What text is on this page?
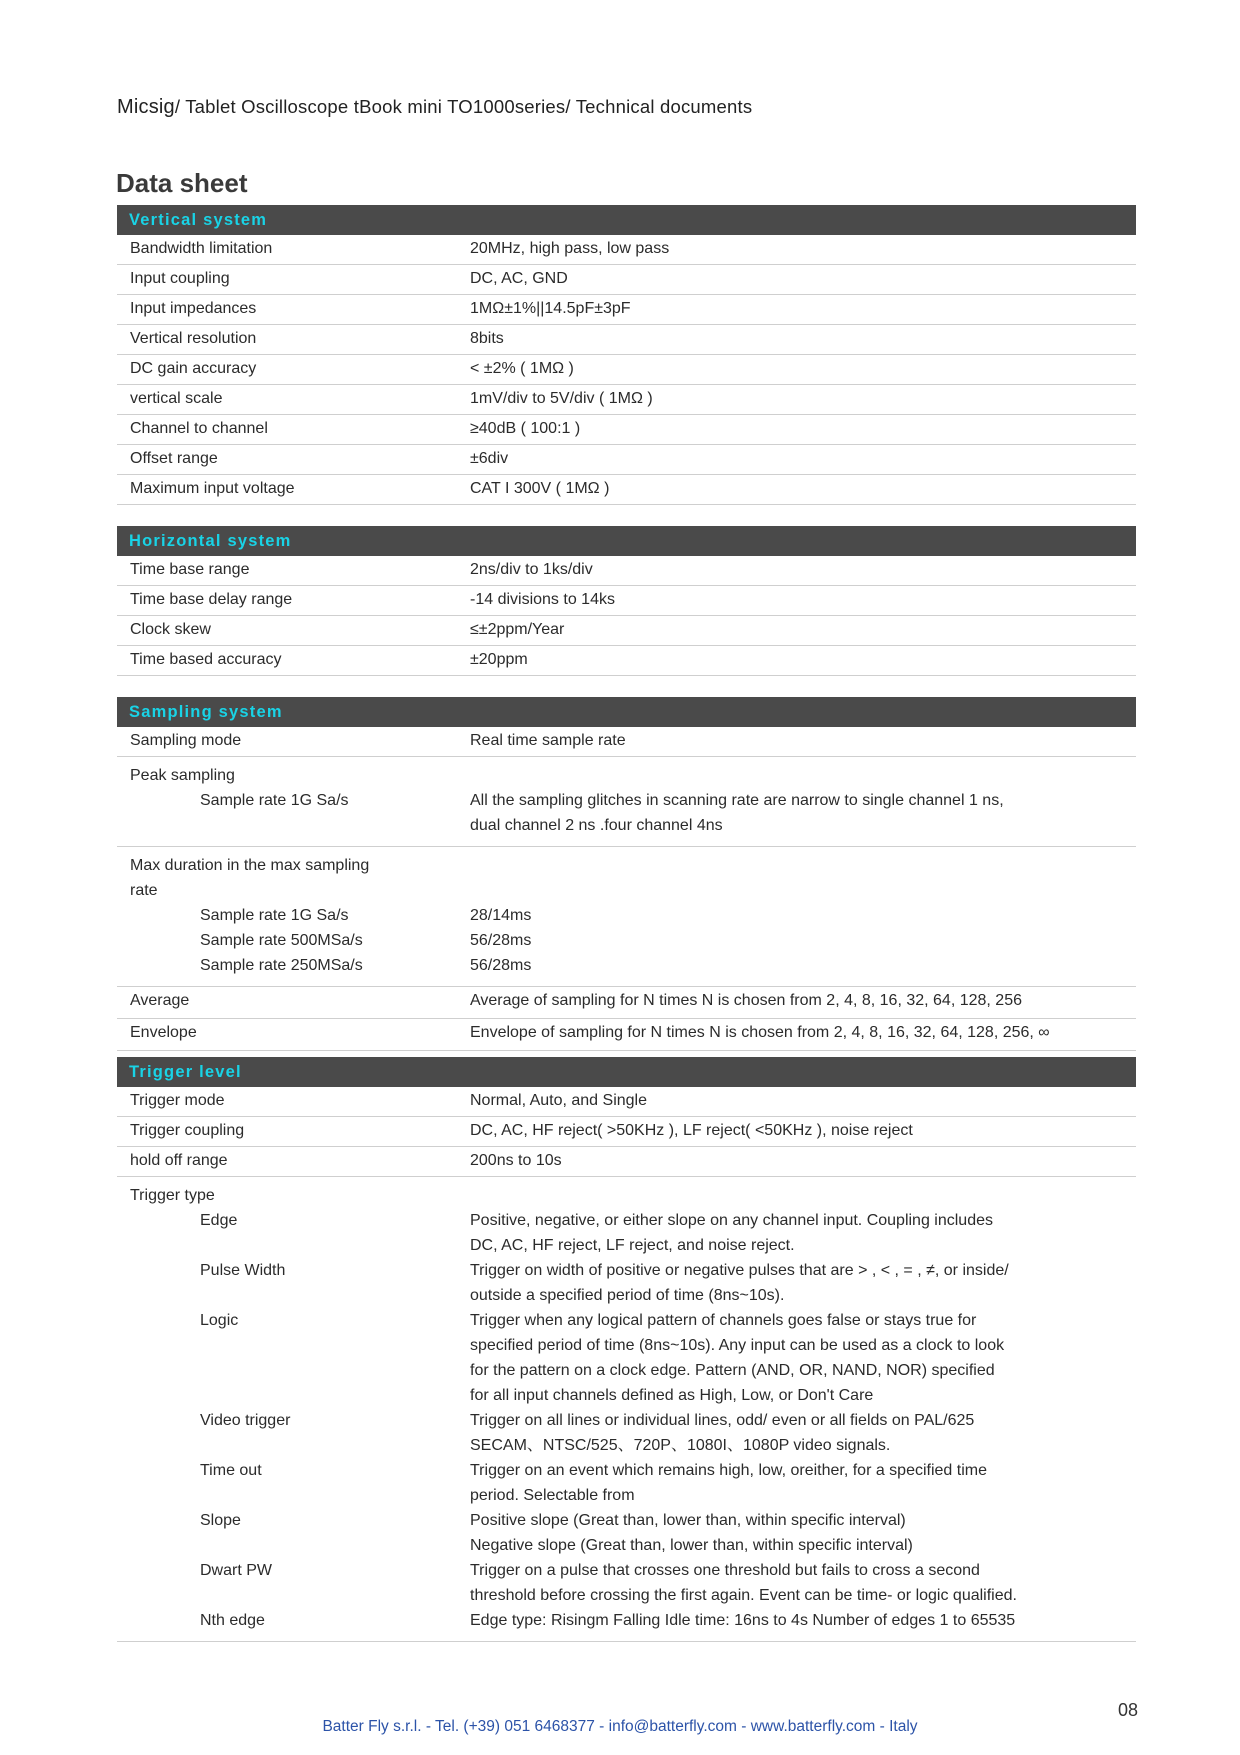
Micsig/ Tablet Oscilloscope tBook mini TO1000series/ Technical documents
Data sheet
Vertical system
Bandwidth limitation	20MHz, high pass, low pass
Input coupling	DC, AC, GND
Input impedances	1MΩ±1%||14.5pF±3pF
Vertical resolution	8bits
DC gain accuracy	< ±2% ( 1MΩ )
vertical scale	1mV/div to 5V/div ( 1MΩ )
Channel to channel	≥40dB ( 100:1 )
Offset range	±6div
Maximum input voltage	CAT I 300V ( 1MΩ )
Horizontal system
Time base range	2ns/div to 1ks/div
Time base delay range	-14 divisions to 14ks
Clock skew	≤±2ppm/Year
Time based accuracy	±20ppm
Sampling system
Sampling mode	Real time sample rate
Peak sampling
Sample rate 1G Sa/s	All the sampling glitches in scanning rate are narrow to single channel 1 ns,
dual channel 2 ns .four channel 4ns
Max duration in the max sampling
rate
Sample rate 1G Sa/s	28/14ms
Sample rate 500MSa/s	56/28ms
Sample rate 250MSa/s	56/28ms
Average	Average of sampling for N times N is chosen from 2, 4, 8, 16, 32, 64, 128, 256
Envelope	Envelope of sampling for N times N is chosen from 2, 4, 8, 16, 32, 64, 128, 256, ∞
Trigger level
Trigger mode	Normal, Auto, and Single
Trigger coupling	DC, AC, HF reject( >50KHz ), LF reject( <50KHz ), noise reject
hold off range	200ns to 10s
Trigger type
Edge	Positive, negative, or either slope on any channel input. Coupling includes
DC, AC, HF reject, LF reject, and noise reject.
Pulse Width	Trigger on width of positive or negative pulses that are > , < , = , ≠, or inside/
outside a specified period of time (8ns~10s).
Logic	Trigger when any logical pattern of channels goes false or stays true for
specified period of time (8ns~10s). Any input can be used as a clock to look
for the pattern on a clock edge. Pattern (AND, OR, NAND, NOR) specified
for all input channels defined as High, Low, or Don't Care
Video trigger	Trigger on all lines or individual lines, odd/ even or all fields on PAL/625
SECAM、NTSC/525、720P、1080I、1080P video signals.
Time out	Trigger on an event which remains high, low, oreither, for a specified time
period. Selectable from
Slope	Positive slope (Great than, lower than, within specific interval)
Negative slope (Great than, lower than, within specific interval)
Dwart PW	Trigger on a pulse that crosses one threshold but fails to cross a second
threshold before crossing the first again. Event can be time- or logic qualified.
Nth edge	Edge type: Risingm Falling Idle time: 16ns to 4s Number of edges 1 to 65535
08
Batter Fly s.r.l. - Tel. (+39) 051 6468377 - info@batterfly.com - www.batterfly.com - Italy
